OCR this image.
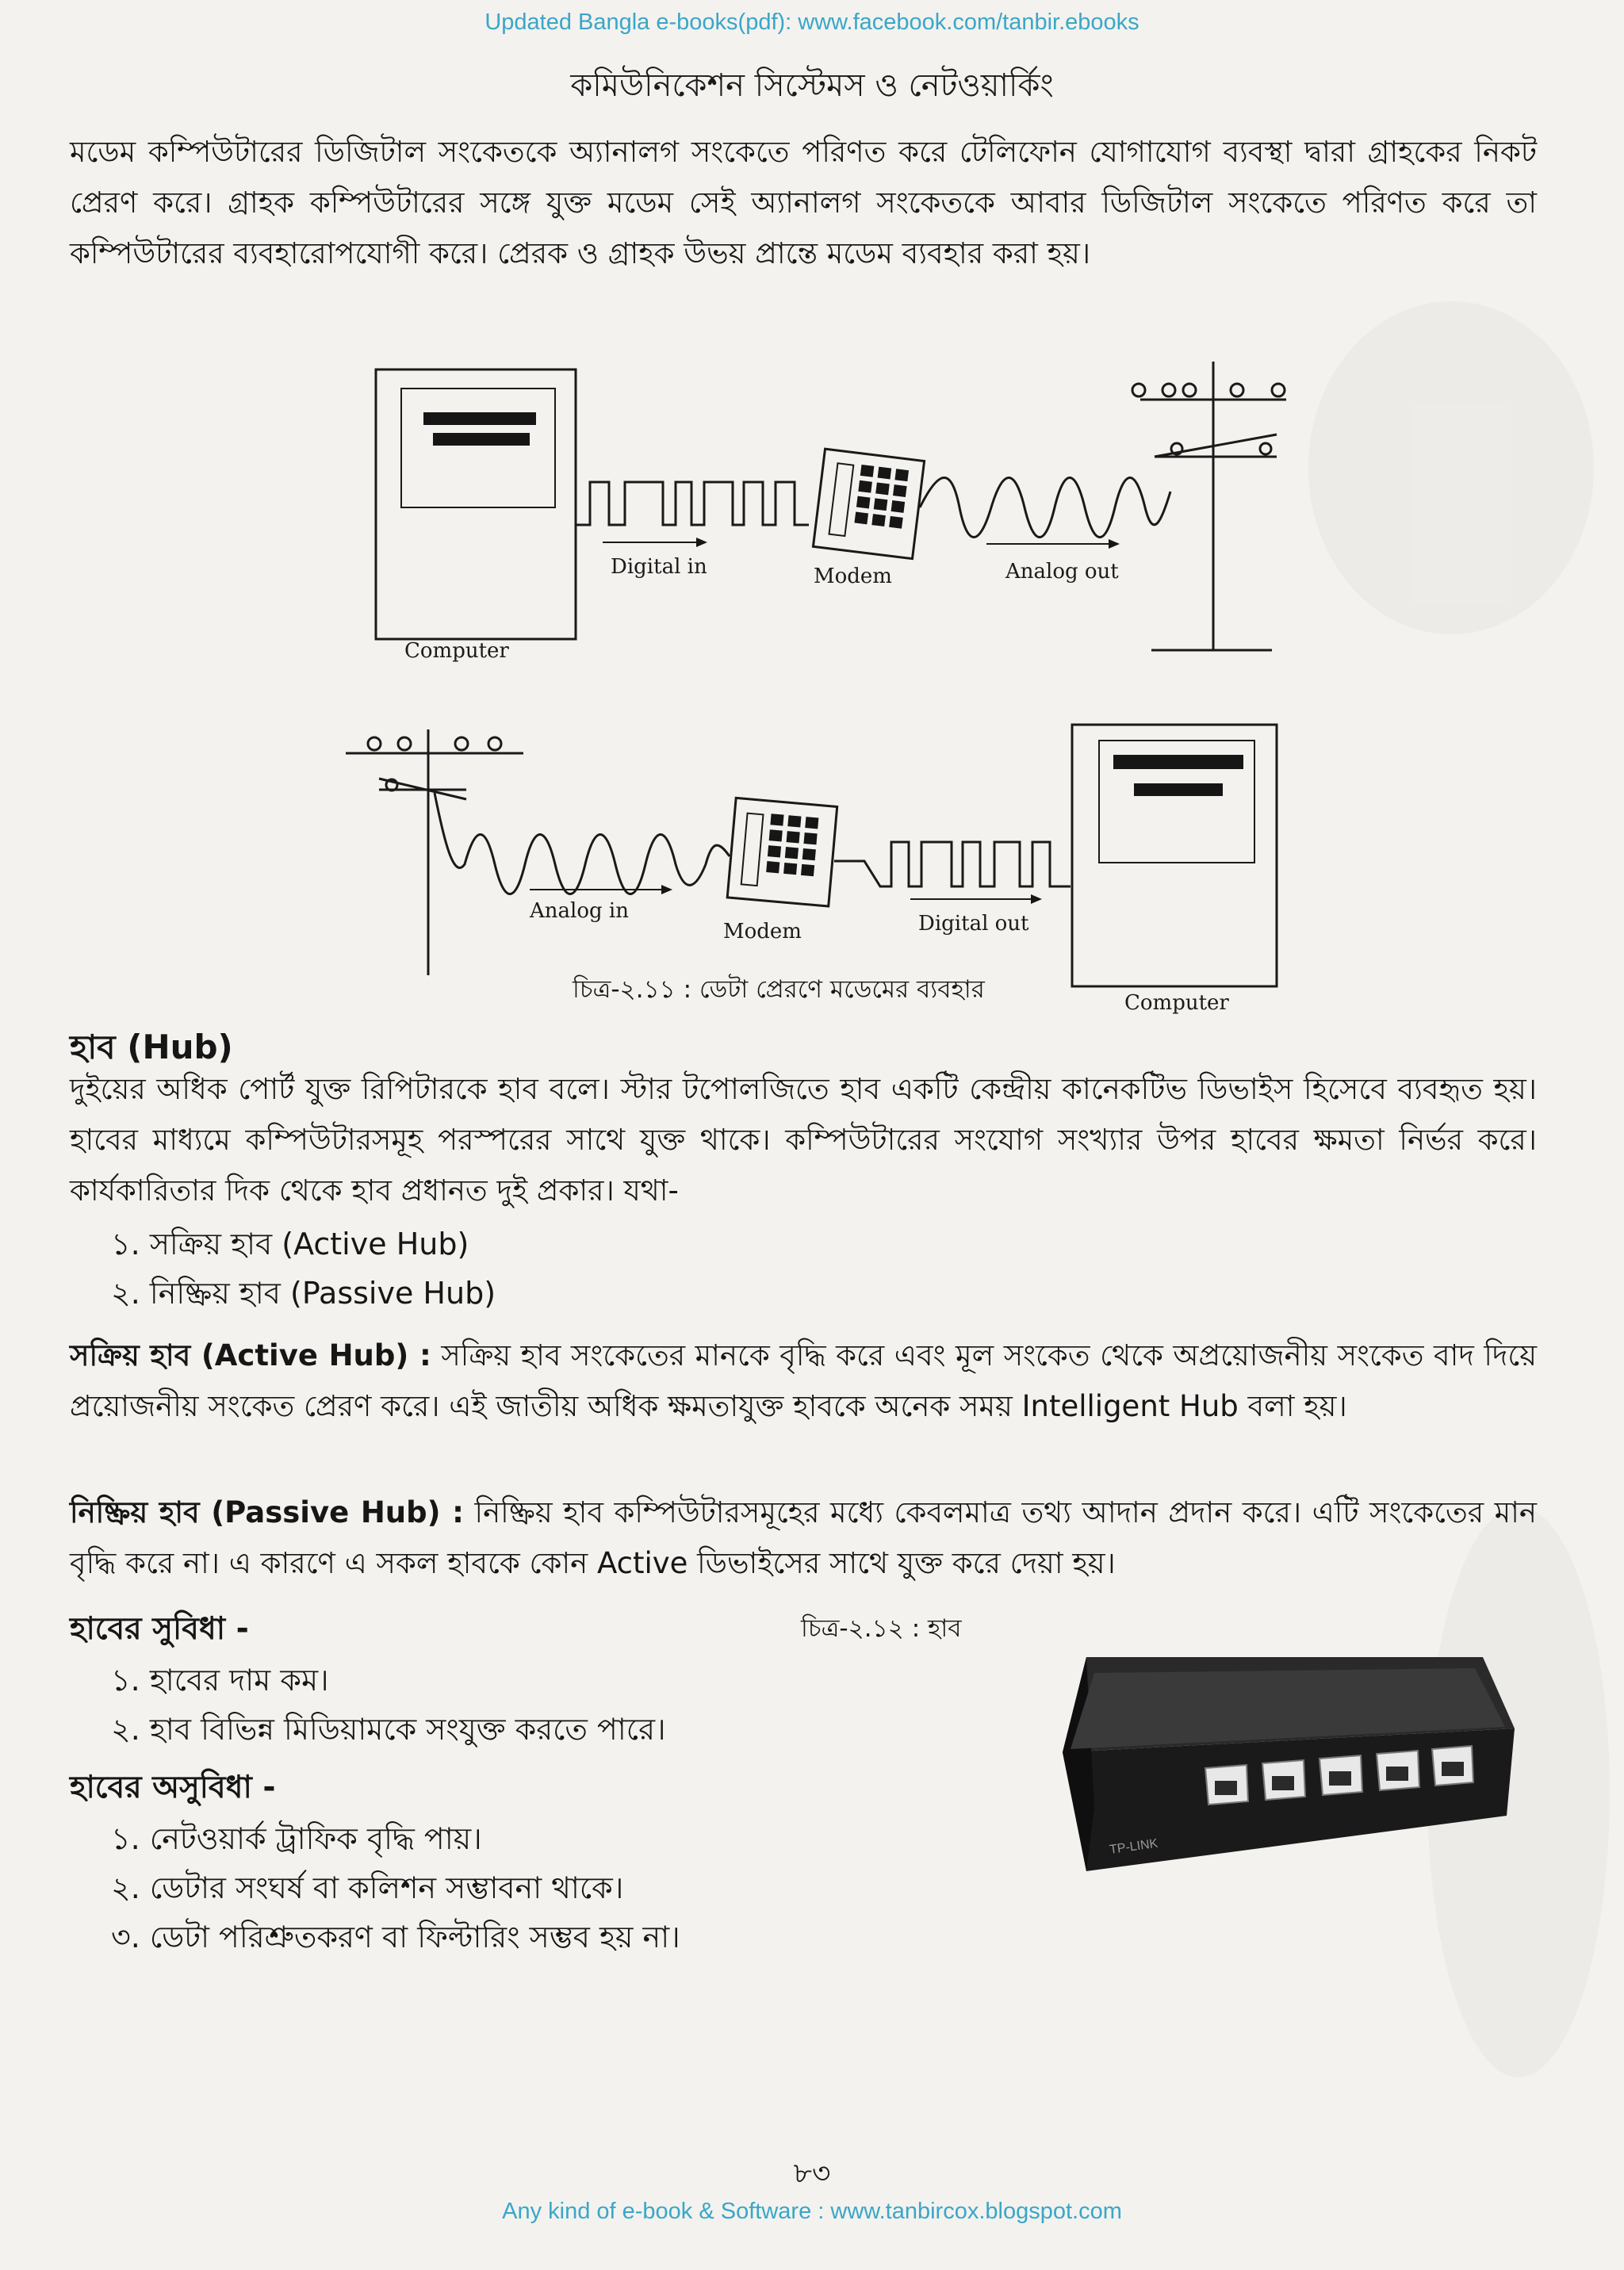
Updated Bangla e-books(pdf): www.facebook.com/tanbir.ebooks
কমিউনিকেশন সিস্টেমস ও নেটওয়ার্কিং
মডেম কম্পিউটারের ডিজিটাল সংকেতকে অ্যানালগ সংকেতে পরিণত করে টেলিফোন যোগাযোগ ব্যবস্থা দ্বারা গ্রাহকের নিকট প্রেরণ করে। গ্রাহক কম্পিউটারের সঙ্গে যুক্ত মডেম সেই অ্যানালগ সংকেতকে আবার ডিজিটাল সংকেতে পরিণত করে তা কম্পিউটারের ব্যবহারোপযোগী করে। প্রেরক ও গ্রাহক উভয় প্রান্তে মডেম ব্যবহার করা হয়।
Computer
Digital in	Modem	Analog out
Analog in
Modem	Digital out
Computer
চিত্র-২.১১ : ডেটা প্রেরণে মডেমের ব্যবহার
হাব (Hub)
দুইয়ের অধিক পোর্ট যুক্ত রিপিটারকে হাব বলে। স্টার টপোলজিতে হাব একটি কেন্দ্রীয় কানেকটিভ ডিভাইস হিসেবে ব্যবহৃত হয়। হাবের মাধ্যমে কম্পিউটারসমূহ পরস্পরের সাথে যুক্ত থাকে। কম্পিউটারের সংযোগ সংখ্যার উপর হাবের ক্ষমতা নির্ভর করে। কার্যকারিতার দিক থেকে হাব প্রধানত দুই প্রকার। যথা-
১. সক্রিয় হাব (Active Hub)
২. নিষ্ক্রিয় হাব (Passive Hub)
সক্রিয় হাব (Active Hub) : সক্রিয় হাব সংকেতের মানকে বৃদ্ধি করে এবং মূল সংকেত থেকে অপ্রয়োজনীয় সংকেত বাদ দিয়ে প্রয়োজনীয় সংকেত প্রেরণ করে। এই জাতীয় অধিক ক্ষমতাযুক্ত হাবকে অনেক সময় Intelligent Hub বলা হয়।
নিষ্ক্রিয় হাব (Passive Hub) : নিষ্ক্রিয় হাব কম্পিউটারসমূহের মধ্যে কেবলমাত্র তথ্য আদান প্রদান করে। এটি সংকেতের মান বৃদ্ধি করে না। এ কারণে এ সকল হাবকে কোন Active ডিভাইসের সাথে যুক্ত করে দেয়া হয়।
হাবের সুবিধা -	চিত্র-২.১২ : হাব
১. হাবের দাম কম।
২. হাব বিভিন্ন মিডিয়ামকে সংযুক্ত করতে পারে।
হাবের অসুবিধা -
১. নেটওয়ার্ক ট্রাফিক বৃদ্ধি পায়।
২. ডেটার সংঘর্ষ বা কলিশন সম্ভাবনা থাকে।
৩. ডেটা পরিশ্রুতকরণ বা ফিল্টারিং সম্ভব হয় না।
TP-LINK
৮৩
Any kind of e-book & Software : www.tanbircox.blogspot.com
